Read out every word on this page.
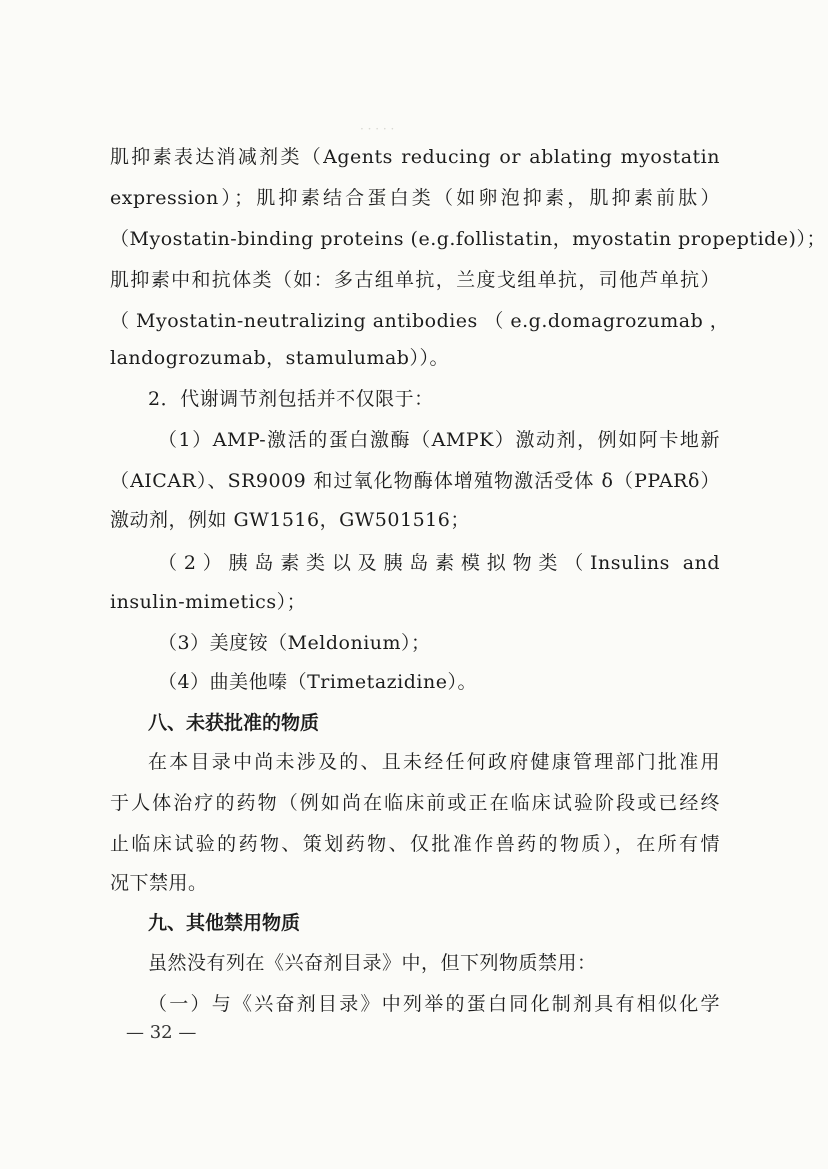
· · · · ·
肌抑素表达消减剂类（Agents reducing or ablating myostatin
expression）；肌抑素结合蛋白类（如卵泡抑素，肌抑素前肽）
（Myostatin-binding proteins (e.g.follistatin，myostatin propeptide)）；
肌抑素中和抗体类（如：多古组单抗，兰度戈组单抗，司他芦单抗）
（ Myostatin-neutralizing antibodies （ e.g.domagrozumab ，
landogrozumab，stamulumab））。
2．代谢调节剂包括并不仅限于：
（1）AMP-激活的蛋白激酶（AMPK）激动剂，例如阿卡地新
（AICAR）、SR9009 和过氧化物酶体增殖物激活受体 δ（PPARδ）
激动剂，例如 GW1516，GW501516；
（2）胰岛素类以及胰岛素模拟物类（Insulins and
insulin-mimetics）；
（3）美度铵（Meldonium）；
（4）曲美他嗪（Trimetazidine）。
八、未获批准的物质
在本目录中尚未涉及的、且未经任何政府健康管理部门批准用
于人体治疗的药物（例如尚在临床前或正在临床试验阶段或已经终
止临床试验的药物、策划药物、仅批准作兽药的物质），在所有情
况下禁用。
九、其他禁用物质
虽然没有列在《兴奋剂目录》中，但下列物质禁用：
（一）与《兴奋剂目录》中列举的蛋白同化制剂具有相似化学
— 32 —
